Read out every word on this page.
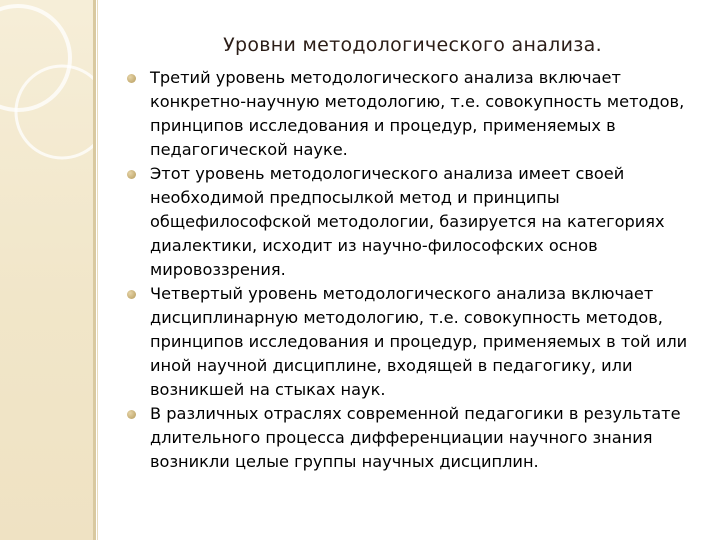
Уровни методологического анализа.
Третий уровень методологического анализа включает конкретно-научную методологию, т.е. совокупность методов, принципов исследования и процедур, применяемых в педагогической науке.
Этот уровень методологического анализа имеет своей необходимой предпосылкой метод и принципы общефилософской методологии, базируется на категориях диалектики, исходит из научно-философских основ мировоззрения.
Четвертый уровень методологического анализа включает дисциплинарную методологию, т.е. совокупность методов, принципов исследования и процедур, применяемых в той или иной научной дисциплине, входящей в педагогику, или возникшей на стыках наук.
В различных отраслях современной педагогики в результате длительного процесса дифференциации научного знания возникли целые группы научных дисциплин.
